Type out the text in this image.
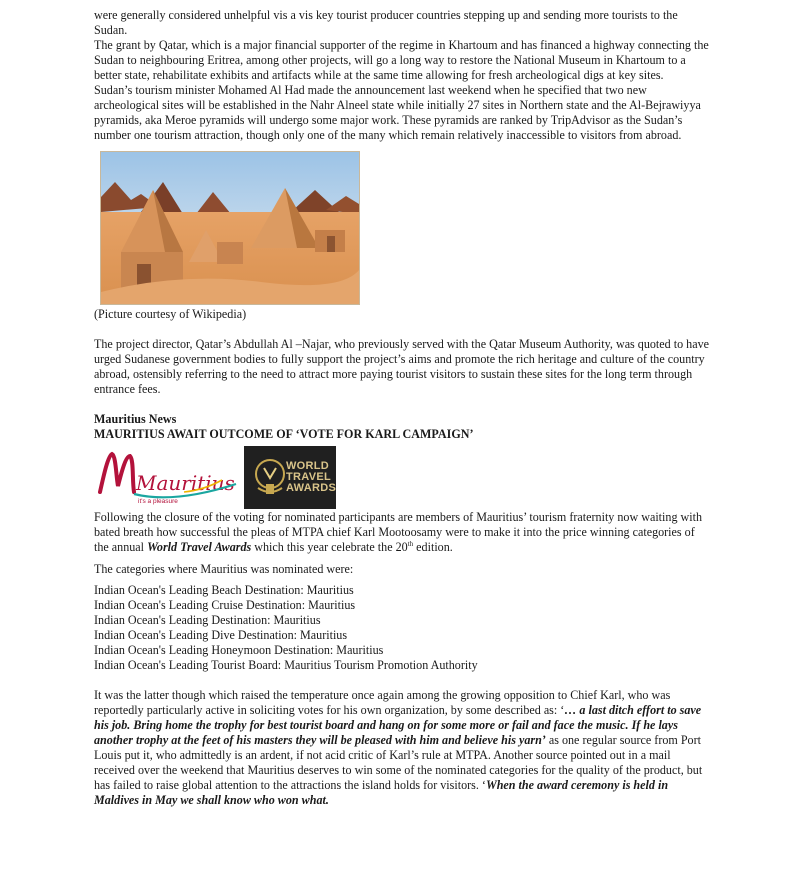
were generally considered unhelpful vis a vis key tourist producer countries stepping up and sending more tourists to the Sudan.

The grant by Qatar, which is a major financial supporter of the regime in Khartoum and has financed a highway connecting the Sudan to neighbouring Eritrea, among other projects, will go a long way to restore the National Museum in Khartoum to a better state, rehabilitate exhibits and artifacts while at the same time allowing for fresh archeological digs at key sites.

Sudan’s tourism minister Mohamed Al Had made the announcement last weekend when he specified that two new archeological sites will be established in the Nahr Alneel state while initially 27 sites in Northern state and the Al-Bejrawiyya pyramids, aka Meroe pyramids will undergo some major work. These pyramids are ranked by TripAdvisor as the Sudan’s number one tourism attraction, though only one of the many which remain relatively inaccessible to visitors from abroad.

(Picture courtesy of Wikipedia)

The project director, Qatar’s Abdullah Al –Najar, who previously served with the Qatar Museum Authority, was quoted to have urged Sudanese government bodies to fully support the project’s aims and promote the rich heritage and culture of the country abroad, ostensibly referring to the need to attract more paying tourist visitors to sustain these sites for the long term through entrance fees.

Mauritius News

MAURITIUS AWAIT OUTCOME OF ‘VOTE FOR KARL CAMPAIGN’

Mauritius
it's a pleasure
WORLD
TRAVEL
AWARDS

Following the closure of the voting for nominated participants are members of Mauritius’ tourism fraternity now waiting with bated breath how successful the pleas of MTPA chief Karl Mootoosamy were to make it into the price winning categories of the annual World Travel Awards which this year celebrate the 20th edition.

The categories where Mauritius was nominated were:

Indian Ocean's Leading Beach Destination: Mauritius
Indian Ocean's Leading Cruise Destination: Mauritius
Indian Ocean's Leading Destination: Mauritius
Indian Ocean's Leading Dive Destination: Mauritius
Indian Ocean's Leading Honeymoon Destination: Mauritius
Indian Ocean's Leading Tourist Board: Mauritius Tourism Promotion Authority

It was the latter though which raised the temperature once again among the growing opposition to Chief Karl, who was reportedly particularly active in soliciting votes for his own organization, by some described as: ‘… a last ditch effort to save his job. Bring home the trophy for best tourist board and hang on for some more or fail and face the music. If he lays another trophy at the feet of his masters they will be pleased with him and believe his yarn’ as one regular source from Port Louis put it, who admittedly is an ardent, if not acid critic of Karl’s rule at MTPA. Another source pointed out in a mail received over the weekend that Mauritius deserves to win some of the nominated categories for the quality of the product, but has failed to raise global attention to the attractions the island holds for visitors. ‘When the award ceremony is held in Maldives in May we shall know who won what.
